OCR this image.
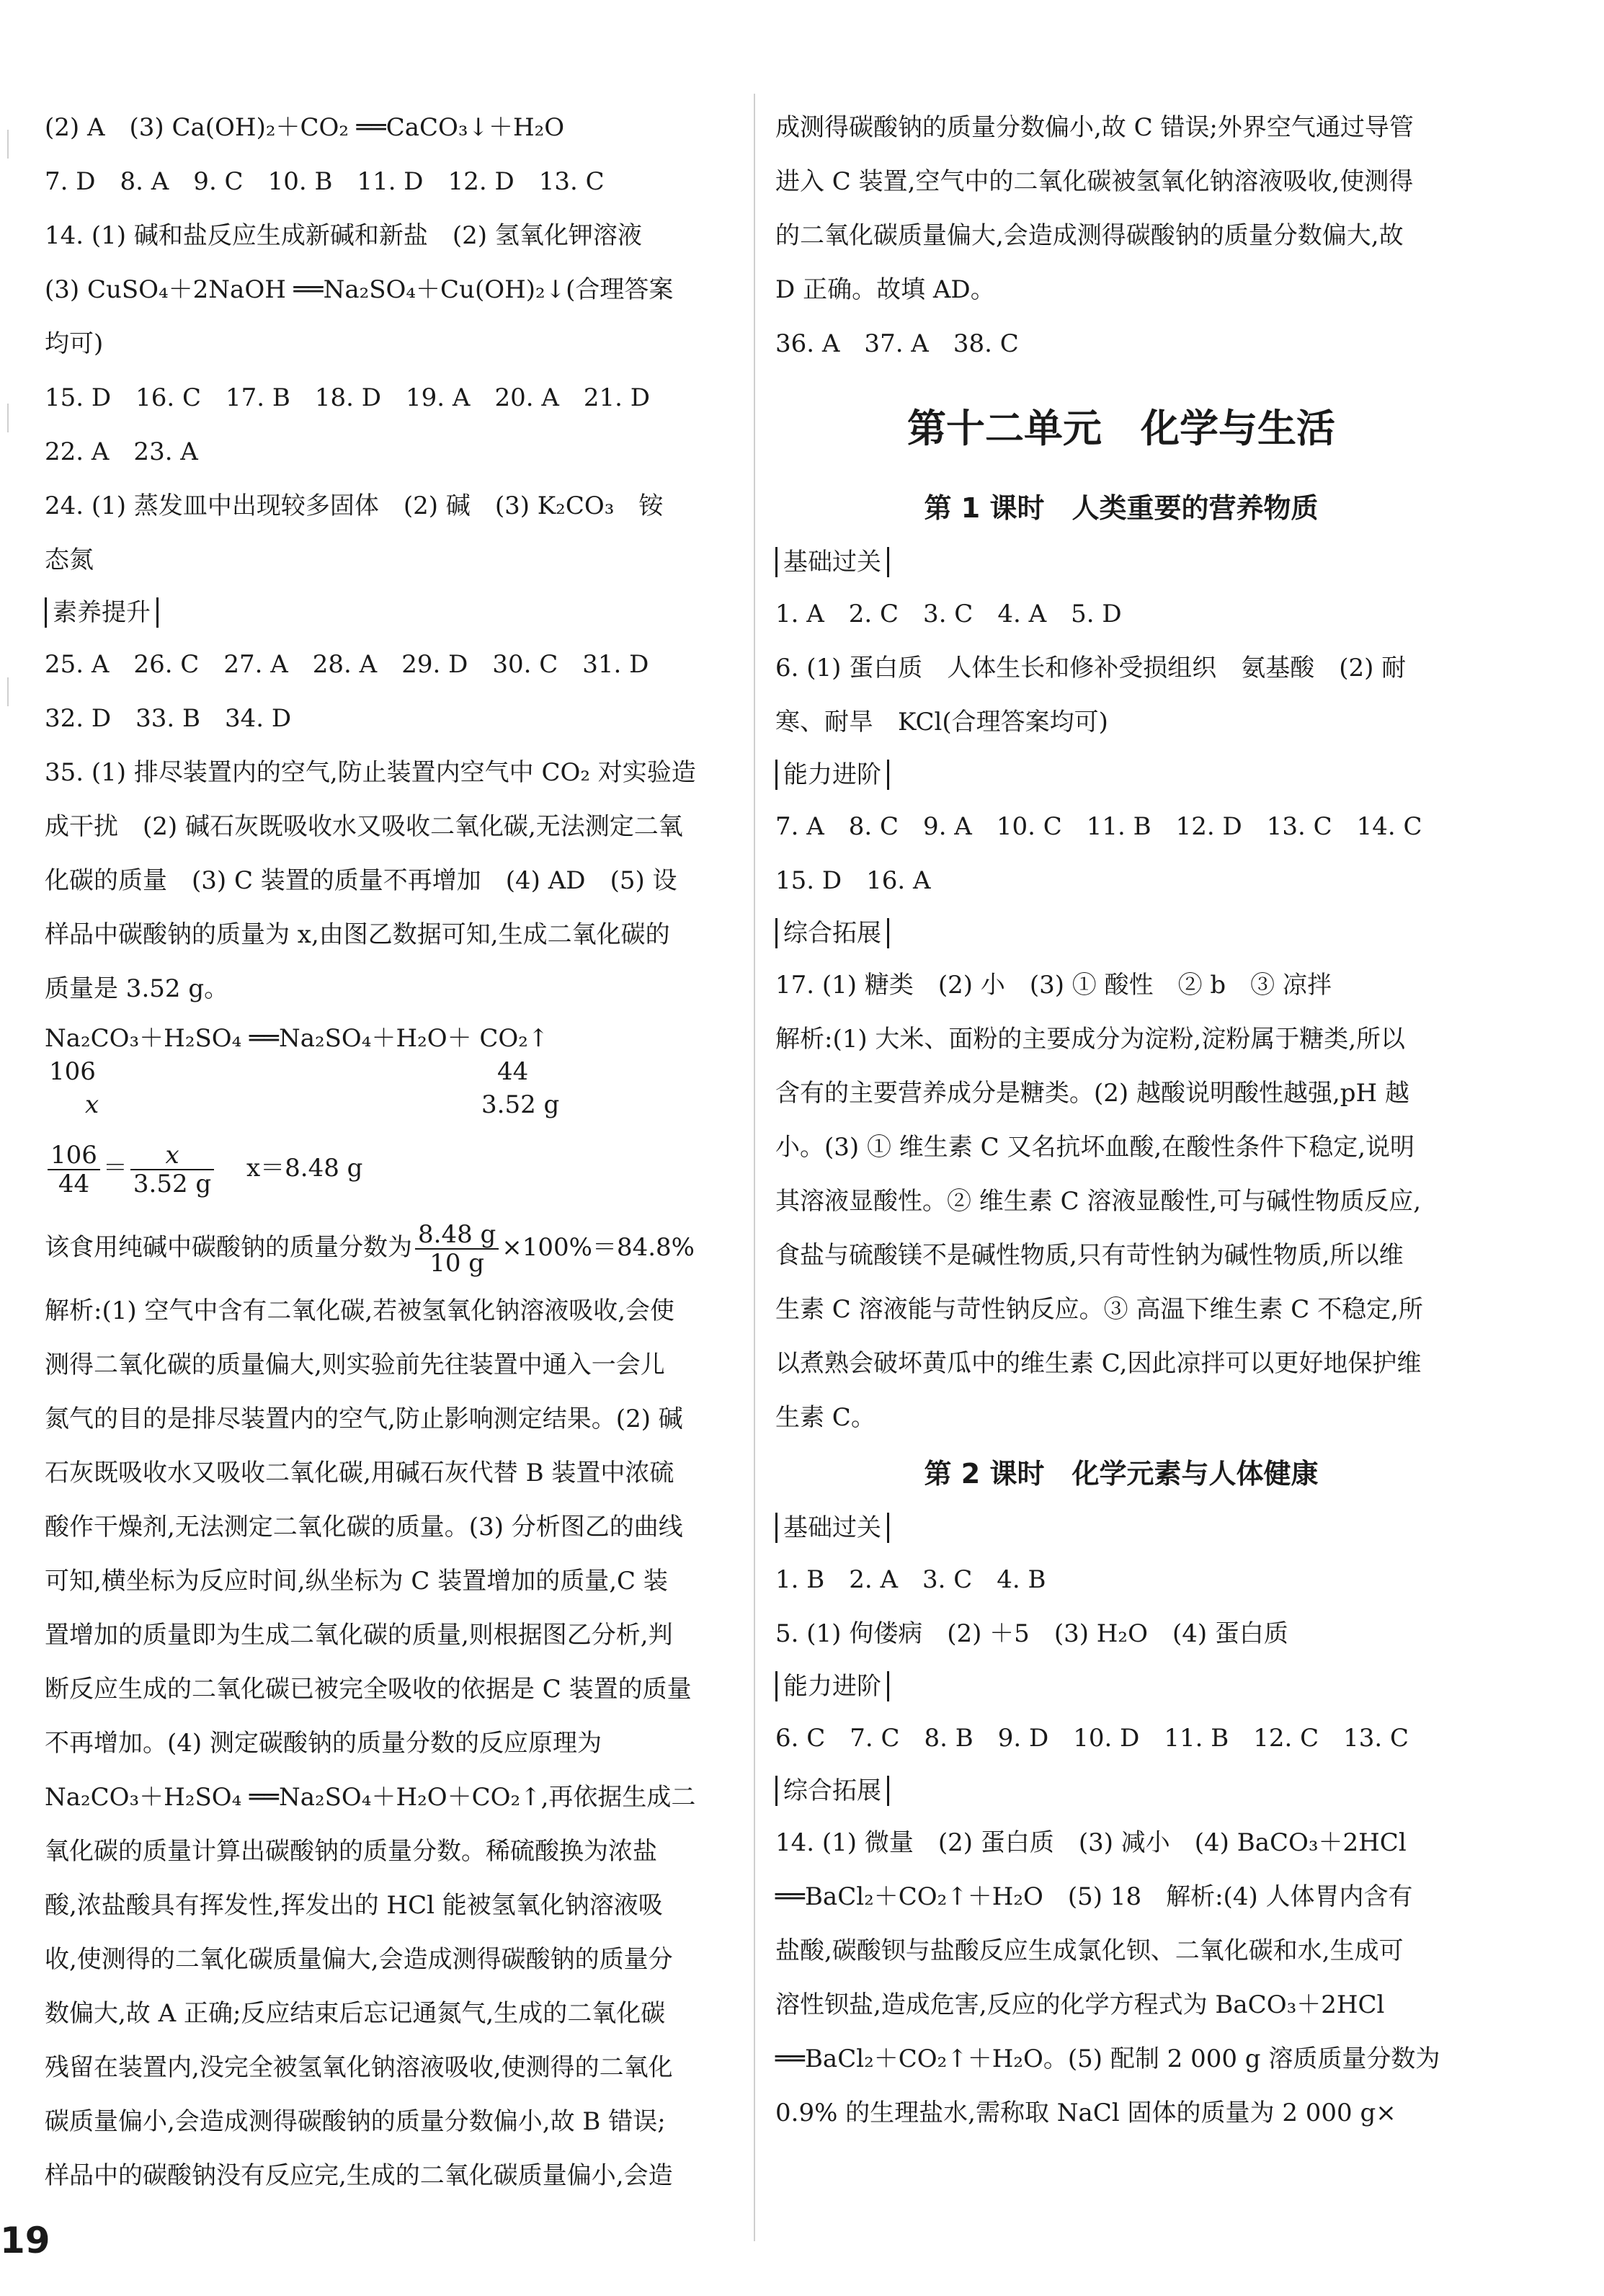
(2) A　(3) Ca(OH)₂＋CO₂ ══CaCO₃↓＋H₂O
7. D　8. A　9. C　10. B　11. D　12. D　13. C
14. (1) 碱和盐反应生成新碱和新盐　(2) 氢氧化钾溶液
(3) CuSO₄＋2NaOH ══Na₂SO₄＋Cu(OH)₂↓(合理答案
均可)
15. D　16. C　17. B　18. D　19. A　20. A　21. D
22. A　23. A
24. (1) 蒸发皿中出现较多固体　(2) 碱　(3) K₂CO₃　铵
态氮
素养提升
25. A　26. C　27. A　28. A　29. D　30. C　31. D
32. D　33. B　34. D
35. (1) 排尽装置内的空气,防止装置内空气中 CO₂ 对实验造
成干扰　(2) 碱石灰既吸收水又吸收二氧化碳,无法测定二氧
化碳的质量　(3) C 装置的质量不再增加　(4) AD　(5) 设
样品中碳酸钠的质量为 x,由图乙数据可知,生成二氧化碳的
质量是 3.52 g。
Na₂CO₃＋H₂SO₄ ══Na₂SO₄＋H₂O＋ CO₂↑
106	44
x	3.52 g
$\frac{106}{44} = \frac{x}{3.52 g} x=8.48$ g
该食用纯碱中碳酸钠的质量分数为 $\frac{8.48 g}{10 g} \times 100\%=84.8\%$
解析:(1) 空气中含有二氧化碳,若被氢氧化钠溶液吸收,会使
测得二氧化碳的质量偏大,则实验前先往装置中通入一会儿
氮气的目的是排尽装置内的空气,防止影响测定结果。(2) 碱
石灰既吸收水又吸收二氧化碳,用碱石灰代替 B 装置中浓硫
酸作干燥剂,无法测定二氧化碳的质量。(3) 分析图乙的曲线
可知,横坐标为反应时间,纵坐标为 C 装置增加的质量,C 装
置增加的质量即为生成二氧化碳的质量,则根据图乙分析,判
断反应生成的二氧化碳已被完全吸收的依据是 C 装置的质量
不再增加。(4) 测定碳酸钠的质量分数的反应原理为
Na₂CO₃＋H₂SO₄ ══Na₂SO₄＋H₂O＋CO₂↑,再依据生成二
氧化碳的质量计算出碳酸钠的质量分数。稀硫酸换为浓盐
酸,浓盐酸具有挥发性,挥发出的 HCl 能被氢氧化钠溶液吸
收,使测得的二氧化碳质量偏大,会造成测得碳酸钠的质量分
数偏大,故 A 正确;反应结束后忘记通氮气,生成的二氧化碳
残留在装置内,没完全被氢氧化钠溶液吸收,使测得的二氧化
碳质量偏小,会造成测得碳酸钠的质量分数偏小,故 B 错误;
样品中的碳酸钠没有反应完,生成的二氧化碳质量偏小,会造
成测得碳酸钠的质量分数偏小,故 C 错误;外界空气通过导管
进入 C 装置,空气中的二氧化碳被氢氧化钠溶液吸收,使测得
的二氧化碳质量偏大,会造成测得碳酸钠的质量分数偏大,故
D 正确。故填 AD。
36. A　37. A　38. C
第十二单元　化学与生活
第 1 课时　人类重要的营养物质
基础过关
1. A　2. C　3. C　4. A　5. D
6. (1) 蛋白质　人体生长和修补受损组织　氨基酸　(2) 耐
寒、耐旱　KCl(合理答案均可)
能力进阶
7. A　8. C　9. A　10. C　11. B　12. D　13. C　14. C
15. D　16. A
综合拓展
17. (1) 糖类　(2) 小　(3) ① 酸性　② b　③ 凉拌
解析:(1) 大米、面粉的主要成分为淀粉,淀粉属于糖类,所以
含有的主要营养成分是糖类。(2) 越酸说明酸性越强,pH 越
小。(3) ① 维生素 C 又名抗坏血酸,在酸性条件下稳定,说明
其溶液显酸性。② 维生素 C 溶液显酸性,可与碱性物质反应,
食盐与硫酸镁不是碱性物质,只有苛性钠为碱性物质,所以维
生素 C 溶液能与苛性钠反应。③ 高温下维生素 C 不稳定,所
以煮熟会破坏黄瓜中的维生素 C,因此凉拌可以更好地保护维
生素 C。
第 2 课时　化学元素与人体健康
基础过关
1. B　2. A　3. C　4. B
5. (1) 佝偻病　(2) ＋5　(3) H₂O　(4) 蛋白质
能力进阶
6. C　7. C　8. B　9. D　10. D　11. B　12. C　13. C
综合拓展
14. (1) 微量　(2) 蛋白质　(3) 减小　(4) BaCO₃＋2HCl
══BaCl₂＋CO₂↑＋H₂O　(5) 18　解析:(4) 人体胃内含有
盐酸,碳酸钡与盐酸反应生成氯化钡、二氧化碳和水,生成可
溶性钡盐,造成危害,反应的化学方程式为 BaCO₃＋2HCl
══BaCl₂＋CO₂↑＋H₂O。(5) 配制 2 000 g 溶质质量分数为
0.9% 的生理盐水,需称取 NaCl 固体的质量为 2 000 g×
19
